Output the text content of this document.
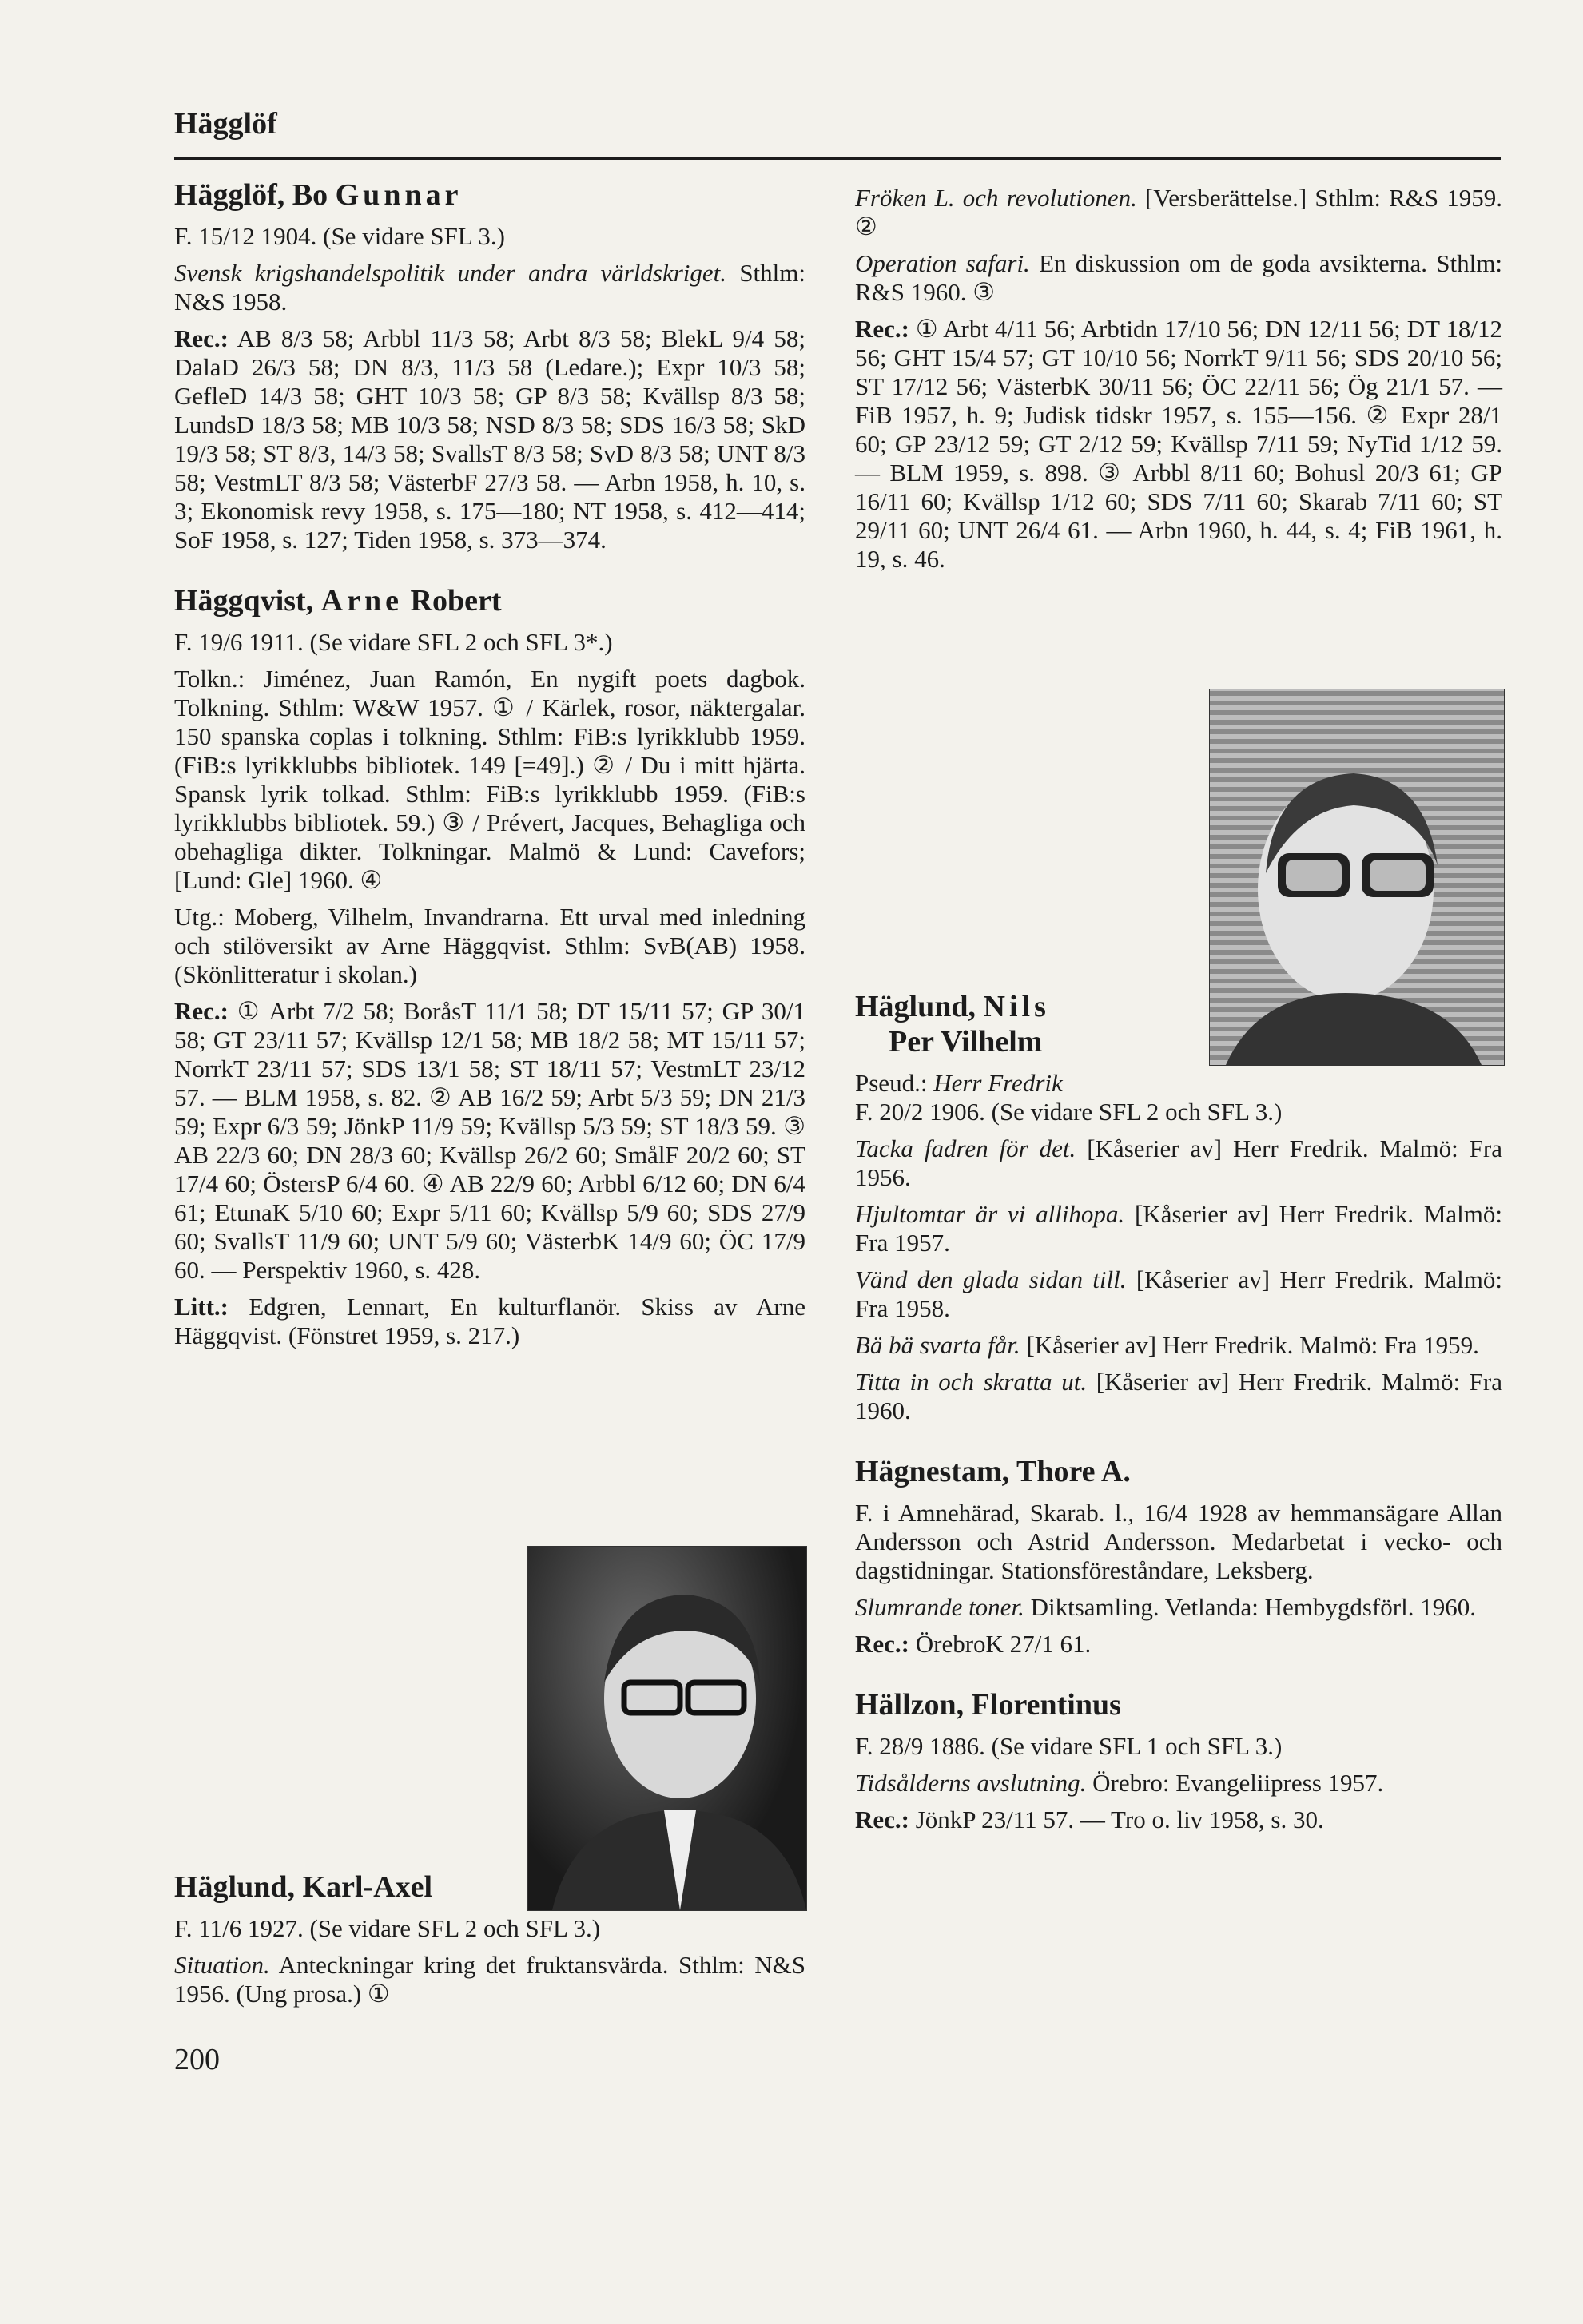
Hägglöf
Hägglöf, Bo Gunnar

F. 15/12 1904. (Se vidare SFL 3.)

Svensk krigshandelspolitik under andra världskriget. Sthlm: N&S 1958.

Rec.: AB 8/3 58; Arbbl 11/3 58; Arbt 8/3 58; BlekL 9/4 58; DalaD 26/3 58; DN 8/3, 11/3 58 (Ledare.); Expr 10/3 58; GefleD 14/3 58; GHT 10/3 58; GP 8/3 58; Kvällsp 8/3 58; LundsD 18/3 58; MB 10/3 58; NSD 8/3 58; SDS 16/3 58; SkD 19/3 58; ST 8/3, 14/3 58; SvallsT 8/3 58; SvD 8/3 58; UNT 8/3 58; VestmLT 8/3 58; VästerbF 27/3 58. — Arbn 1958, h. 10, s. 3; Ekonomisk revy 1958, s. 175—180; NT 1958, s. 412—414; SoF 1958, s. 127; Tiden 1958, s. 373—374.

Häggqvist, Arne Robert

F. 19/6 1911. (Se vidare SFL 2 och SFL 3*.)

Tolkn.: Jiménez, Juan Ramón, En nygift poets dagbok. Tolkning. Sthlm: W&W 1957. ① / Kärlek, rosor, näktergalar. 150 spanska coplas i tolkning. Sthlm: FiB:s lyrikklubb 1959. (FiB:s lyrikklubbs bibliotek. 149 [=49].) ② / Du i mitt hjärta. Spansk lyrik tolkad. Sthlm: FiB:s lyrikklubb 1959. (FiB:s lyrikklubbs bibliotek. 59.) ③ / Prévert, Jacques, Behagliga och obehagliga dikter. Tolkningar. Malmö & Lund: Cavefors; [Lund: Gle] 1960. ④

Utg.: Moberg, Vilhelm, Invandrarna. Ett urval med inledning och stilöversikt av Arne Häggqvist. Sthlm: SvB(AB) 1958. (Skönlitteratur i skolan.)

Rec.: ① Arbt 7/2 58; BoråsT 11/1 58; DT 15/11 57; GP 30/1 58; GT 23/11 57; Kvällsp 12/1 58; MB 18/2 58; MT 15/11 57; NorrkT 23/11 57; SDS 13/1 58; ST 18/11 57; VestmLT 23/12 57. — BLM 1958, s. 82. ② AB 16/2 59; Arbt 5/3 59; DN 21/3 59; Expr 6/3 59; JönkP 11/9 59; Kvällsp 5/3 59; ST 18/3 59. ③ AB 22/3 60; DN 28/3 60; Kvällsp 26/2 60; SmålF 20/2 60; ST 17/4 60; ÖstersP 6/4 60. ④ AB 22/9 60; Arbbl 6/12 60; DN 6/4 61; EtunaK 5/10 60; Expr 5/11 60; Kvällsp 5/9 60; SDS 27/9 60; SvallsT 11/9 60; UNT 5/9 60; VästerbK 14/9 60; ÖC 17/9 60. — Perspektiv 1960, s. 428.

Litt.: Edgren, Lennart, En kulturflanör. Skiss av Arne Häggqvist. (Fönstret 1959, s. 217.)

Häglund, Karl-Axel

F. 11/6 1927. (Se vidare SFL 2 och SFL 3.)

Situation. Anteckningar kring det fruktansvärda. Sthlm: N&S 1956. (Ung prosa.) ①

200

Fröken L. och revolutionen. [Versberättelse.] Sthlm: R&S 1959. ②

Operation safari. En diskussion om de goda avsikterna. Sthlm: R&S 1960. ③

Rec.: ① Arbt 4/11 56; Arbtidn 17/10 56; DN 12/11 56; DT 18/12 56; GHT 15/4 57; GT 10/10 56; NorrkT 9/11 56; SDS 20/10 56; ST 17/12 56; VästerbK 30/11 56; ÖC 22/11 56; Ög 21/1 57. — FiB 1957, h. 9; Judisk tidskr 1957, s. 155—156. ② Expr 28/1 60; GP 23/12 59; GT 2/12 59; Kvällsp 7/11 59; NyTid 1/12 59. — BLM 1959, s. 898. ③ Arbbl 8/11 60; Bohusl 20/3 61; GP 16/11 60; Kvällsp 1/12 60; SDS 7/11 60; Skarab 7/11 60; ST 29/11 60; UNT 26/4 61. — Arbn 1960, h. 44, s. 4; FiB 1961, h. 19, s. 46.

Häglund, Nils
Per Vilhelm

Pseud.: Herr Fredrik

F. 20/2 1906. (Se vidare SFL 2 och SFL 3.)

Tacka fadren för det. [Kåserier av] Herr Fredrik. Malmö: Fra 1956.

Hjultomtar är vi allihopa. [Kåserier av] Herr Fredrik. Malmö: Fra 1957.

Vänd den glada sidan till. [Kåserier av] Herr Fredrik. Malmö: Fra 1958.

Bä bä svarta får. [Kåserier av] Herr Fredrik. Malmö: Fra 1959.

Titta in och skratta ut. [Kåserier av] Herr Fredrik. Malmö: Fra 1960.

Hägnestam, Thore A.

F. i Amnehärad, Skarab. l., 16/4 1928 av hemmansägare Allan Andersson och Astrid Andersson. Medarbetat i vecko- och dagstidningar. Stationsföreståndare, Leksberg.

Slumrande toner. Diktsamling. Vetlanda: Hembygdsförl. 1960.

Rec.: ÖrebroK 27/1 61.

Hällzon, Florentinus

F. 28/9 1886. (Se vidare SFL 1 och SFL 3.)

Tidsålderns avslutning. Örebro: Evangeliipress 1957.

Rec.: JönkP 23/11 57. — Tro o. liv 1958, s. 30.
